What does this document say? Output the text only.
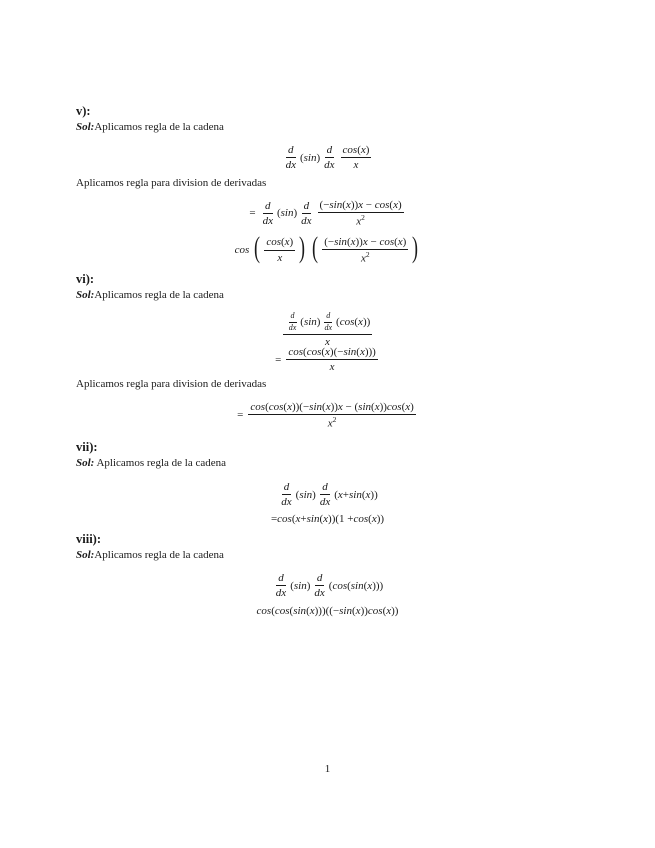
v):
Sol:Aplicamos regla de la cadena
$\frac{d}{dx}$ ( sin ) $\frac{d}{dx} \frac{\cos(x)}{x}$
Aplicamos regla para division de derivadas
= $\frac{d}{dx}$ ( sin ) $\frac{d}{dx} \frac{(-\sin(x))x - \cos(x)}{x^2}$
cos ( $\frac{\cos(x)}{x}$ ) ( $\frac{(-\sin(x))x - \cos(x)}{x^2}$ )
vi):
Sol:Aplicamos regla de la cadena
$\frac{\frac{d}{dx} (\sin) \frac{d}{dx} (\cos(x))}{x}$
= $\frac{\cos(\cos(x)(-\sin(x)))}{x}$
Aplicamos regla para division de derivadas
= $\frac{\cos(\cos(x))(-\sin(x))x - (\sin(x))\cos(x)}{x^2}$
vii):
Sol: Aplicamos regla de la cadena
$\frac{d}{dx}$ ( sin ) $\frac{d}{dx}$ ( x + sin ( x ))
= cos ( x + sin ( x ))(1 + cos ( x ))
viii):
Sol:Aplicamos regla de la cadena
$\frac{d}{dx}$ ( sin ) $\frac{d}{dx}$ ( cos ( sin ( x )))
cos ( cos ( sin ( x )))((− sin ( x )) cos ( x ))
1
